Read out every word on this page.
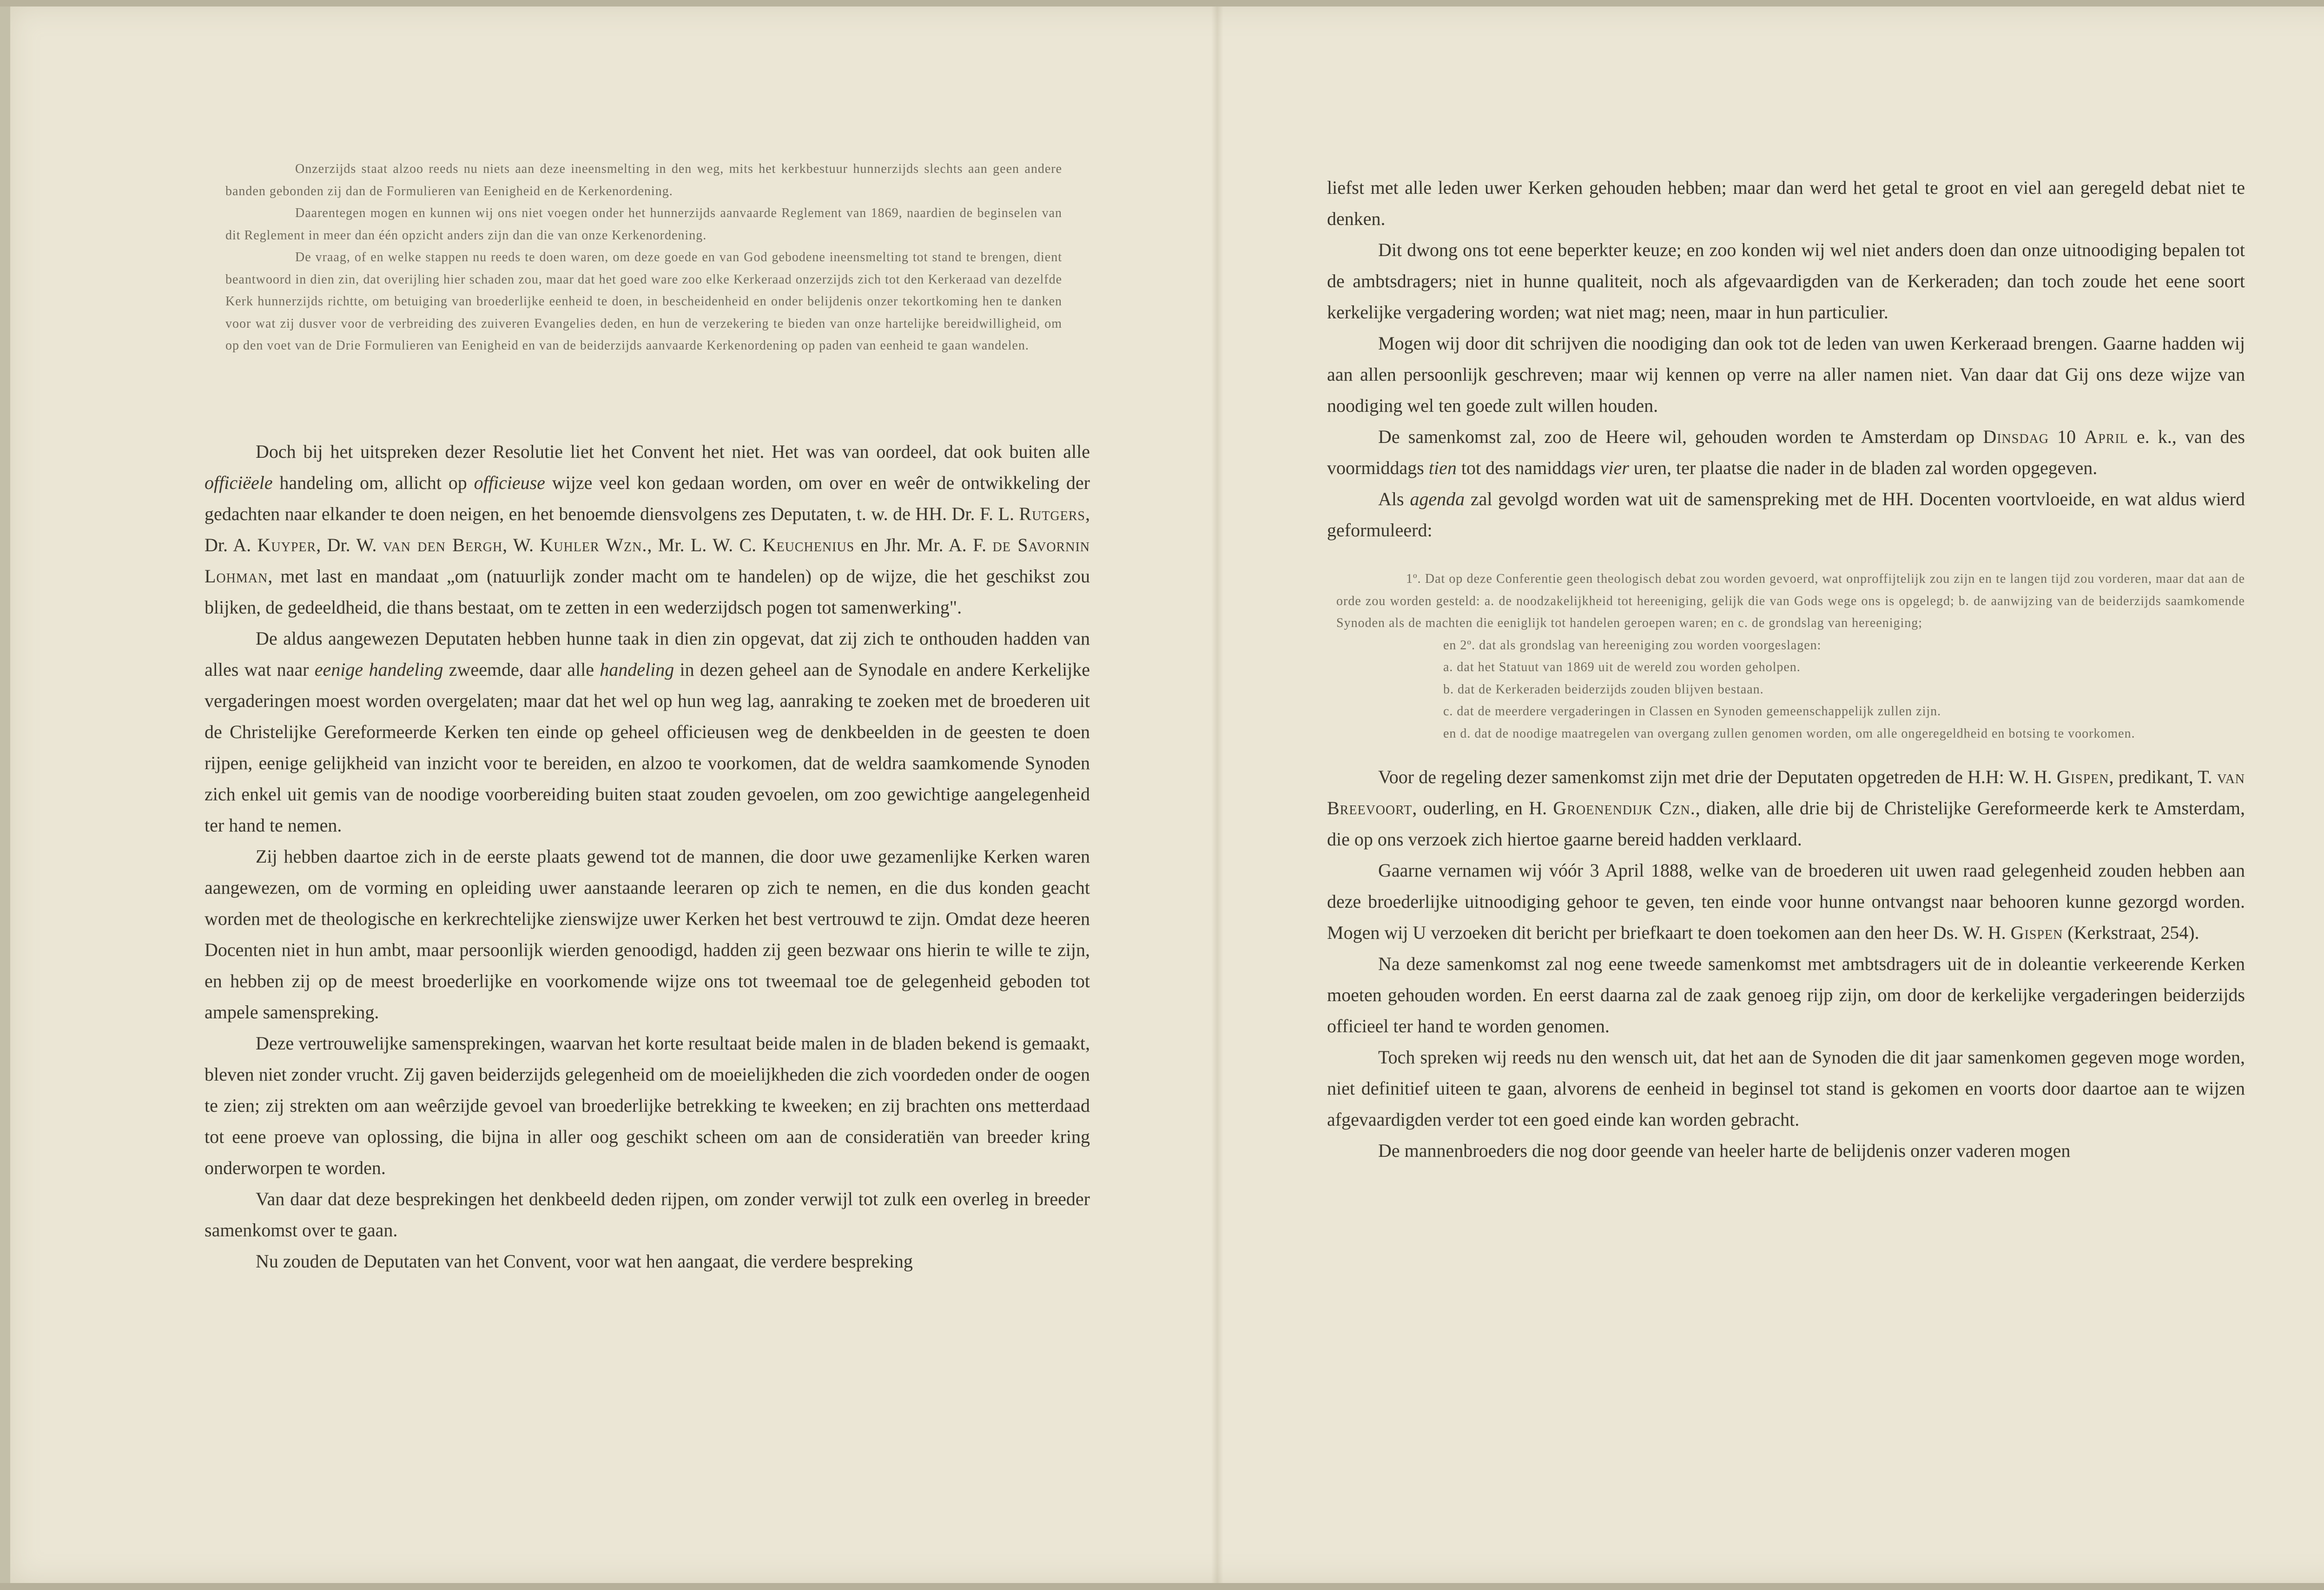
Onzerzijds staat alzoo reeds nu niets aan deze ineensmelting in den weg, mits het kerkbestuur hunnerzijds slechts aan geen andere banden gebonden zij dan de Formulieren van Eenigheid en de Kerkenordening.

Daarentegen mogen en kunnen wij ons niet voegen onder het hunnerzijds aanvaarde Reglement van 1869, naardien de beginselen van dit Reglement in meer dan één opzicht anders zijn dan die van onze Kerkenordening.

De vraag, of en welke stappen nu reeds te doen waren, om deze goede en van God gebodene ineensmelting tot stand te brengen, dient beantwoord in dien zin, dat overijling hier schaden zou, maar dat het goed ware zoo elke Kerkeraad onzerzijds zich tot den Kerkeraad van dezelfde Kerk hunnerzijds richtte, om betuiging van broederlijke eenheid te doen, in bescheidenheid en onder belijdenis onzer tekortkoming hen te danken voor wat zij dusver voor de verbreiding des zuiveren Evangelies deden, en hun de verzekering te bieden van onze hartelijke bereidwilligheid, om op den voet van de Drie Formulieren van Eenigheid en van de beiderzijds aanvaarde Kerkenordening op paden van eenheid te gaan wandelen.

Doch bij het uitspreken dezer Resolutie liet het Convent het niet. Het was van oordeel, dat ook buiten alle officiëele handeling om, allicht op officieuse wijze veel kon gedaan worden, om over en weêr de ontwikkeling der gedachten naar elkander te doen neigen, en het benoemde diensvolgens zes Deputaten, t. w. de HH. Dr. F. L. Rutgers, Dr. A. Kuyper, Dr. W. van den Bergh, W. Kuhler Wzn., Mr. L. W. C. Keuchenius en Jhr. Mr. A. F. de Savornin Lohman, met last en mandaat „om (natuurlijk zonder macht om te handelen) op de wijze, die het geschikst zou blijken, de gedeeldheid, die thans bestaat, om te zetten in een wederzijdsch pogen tot samenwerking".

De aldus aangewezen Deputaten hebben hunne taak in dien zin opgevat, dat zij zich te onthouden hadden van alles wat naar eenige handeling zweemde, daar alle handeling in dezen geheel aan de Synodale en andere Kerkelijke vergaderingen moest worden overgelaten; maar dat het wel op hun weg lag, aanraking te zoeken met de broederen uit de Christelijke Gereformeerde Kerken ten einde op geheel officieusen weg de denkbeelden in de geesten te doen rijpen, eenige gelijkheid van inzicht voor te bereiden, en alzoo te voorkomen, dat de weldra saamkomende Synoden zich enkel uit gemis van de noodige voorbereiding buiten staat zouden gevoelen, om zoo gewichtige aangelegenheid ter hand te nemen.

Zij hebben daartoe zich in de eerste plaats gewend tot de mannen, die door uwe gezamenlijke Kerken waren aangewezen, om de vorming en opleiding uwer aanstaande leeraren op zich te nemen, en die dus konden geacht worden met de theologische en kerkrechtelijke zienswijze uwer Kerken het best vertrouwd te zijn. Omdat deze heeren Docenten niet in hun ambt, maar persoonlijk wierden genoodigd, hadden zij geen bezwaar ons hierin te wille te zijn, en hebben zij op de meest broederlijke en voorkomende wijze ons tot tweemaal toe de gelegenheid geboden tot ampele samenspreking.

Deze vertrouwelijke samensprekingen, waarvan het korte resultaat beide malen in de bladen bekend is gemaakt, bleven niet zonder vrucht. Zij gaven beiderzijds gelegenheid om de moeielijkheden die zich voordeden onder de oogen te zien; zij strekten om aan weêrzijde gevoel van broederlijke betrekking te kweeken; en zij brachten ons metterdaad tot eene proeve van oplossing, die bijna in aller oog geschikt scheen om aan de consideratiën van breeder kring onderworpen te worden.

Van daar dat deze besprekingen het denkbeeld deden rijpen, om zonder verwijl tot zulk een overleg in breeder samenkomst over te gaan.

Nu zouden de Deputaten van het Convent, voor wat hen aangaat, die verdere bespreking

liefst met alle leden uwer Kerken gehouden hebben; maar dan werd het getal te groot en viel aan geregeld debat niet te denken.

Dit dwong ons tot eene beperkter keuze; en zoo konden wij wel niet anders doen dan onze uitnoodiging bepalen tot de ambtsdragers; niet in hunne qualiteit, noch als afgevaardigden van de Kerkeraden; dan toch zoude het eene soort kerkelijke vergadering worden; wat niet mag; neen, maar in hun particulier.

Mogen wij door dit schrijven die noodiging dan ook tot de leden van uwen Kerkeraad brengen. Gaarne hadden wij aan allen persoonlijk geschreven; maar wij kennen op verre na aller namen niet. Van daar dat Gij ons deze wijze van noodiging wel ten goede zult willen houden.

De samenkomst zal, zoo de Heere wil, gehouden worden te Amsterdam op Dinsdag 10 April e. k., van des voormiddags tien tot des namiddags vier uren, ter plaatse die nader in de bladen zal worden opgegeven.

Als agenda zal gevolgd worden wat uit de samenspreking met de HH. Docenten voortvloeide, en wat aldus wierd geformuleerd:

1º. Dat op deze Conferentie geen theologisch debat zou worden gevoerd, wat onproffijtelijk zou zijn en te langen tijd zou vorderen, maar dat aan de orde zou worden gesteld: a. de noodzakelijkheid tot hereeniging, gelijk die van Gods wege ons is opgelegd; b. de aanwijzing van de beiderzijds saamkomende Synoden als de machten die eeniglijk tot handelen geroepen waren; en c. de grondslag van hereeniging;

en 2º. dat als grondslag van hereeniging zou worden voorgeslagen:

a. dat het Statuut van 1869 uit de wereld zou worden geholpen.

b. dat de Kerkeraden beiderzijds zouden blijven bestaan.

c. dat de meerdere vergaderingen in Classen en Synoden gemeenschappelijk zullen zijn.

en d. dat de noodige maatregelen van overgang zullen genomen worden, om alle ongeregeldheid en botsing te voorkomen.

Voor de regeling dezer samenkomst zijn met drie der Deputaten opgetreden de H.H: W. H. Gispen, predikant, T. van Breevoort, ouderling, en H. Groenendijk Czn., diaken, alle drie bij de Christelijke Gereformeerde kerk te Amsterdam, die op ons verzoek zich hiertoe gaarne bereid hadden verklaard.

Gaarne vernamen wij vóór 3 April 1888, welke van de broederen uit uwen raad gelegenheid zouden hebben aan deze broederlijke uitnoodiging gehoor te geven, ten einde voor hunne ontvangst naar behooren kunne gezorgd worden. Mogen wij U verzoeken dit bericht per briefkaart te doen toekomen aan den heer Ds. W. H. Gispen (Kerkstraat, 254).

Na deze samenkomst zal nog eene tweede samenkomst met ambtsdragers uit de in doleantie verkeerende Kerken moeten gehouden worden. En eerst daarna zal de zaak genoeg rijp zijn, om door de kerkelijke vergaderingen beiderzijds officieel ter hand te worden genomen.

Toch spreken wij reeds nu den wensch uit, dat het aan de Synoden die dit jaar samenkomen gegeven moge worden, niet definitief uiteen te gaan, alvorens de eenheid in beginsel tot stand is gekomen en voorts door daartoe aan te wijzen afgevaardigden verder tot een goed einde kan worden gebracht.

De mannenbroeders die nog door geende van heeler harte de belijdenis onzer vaderen mogen
